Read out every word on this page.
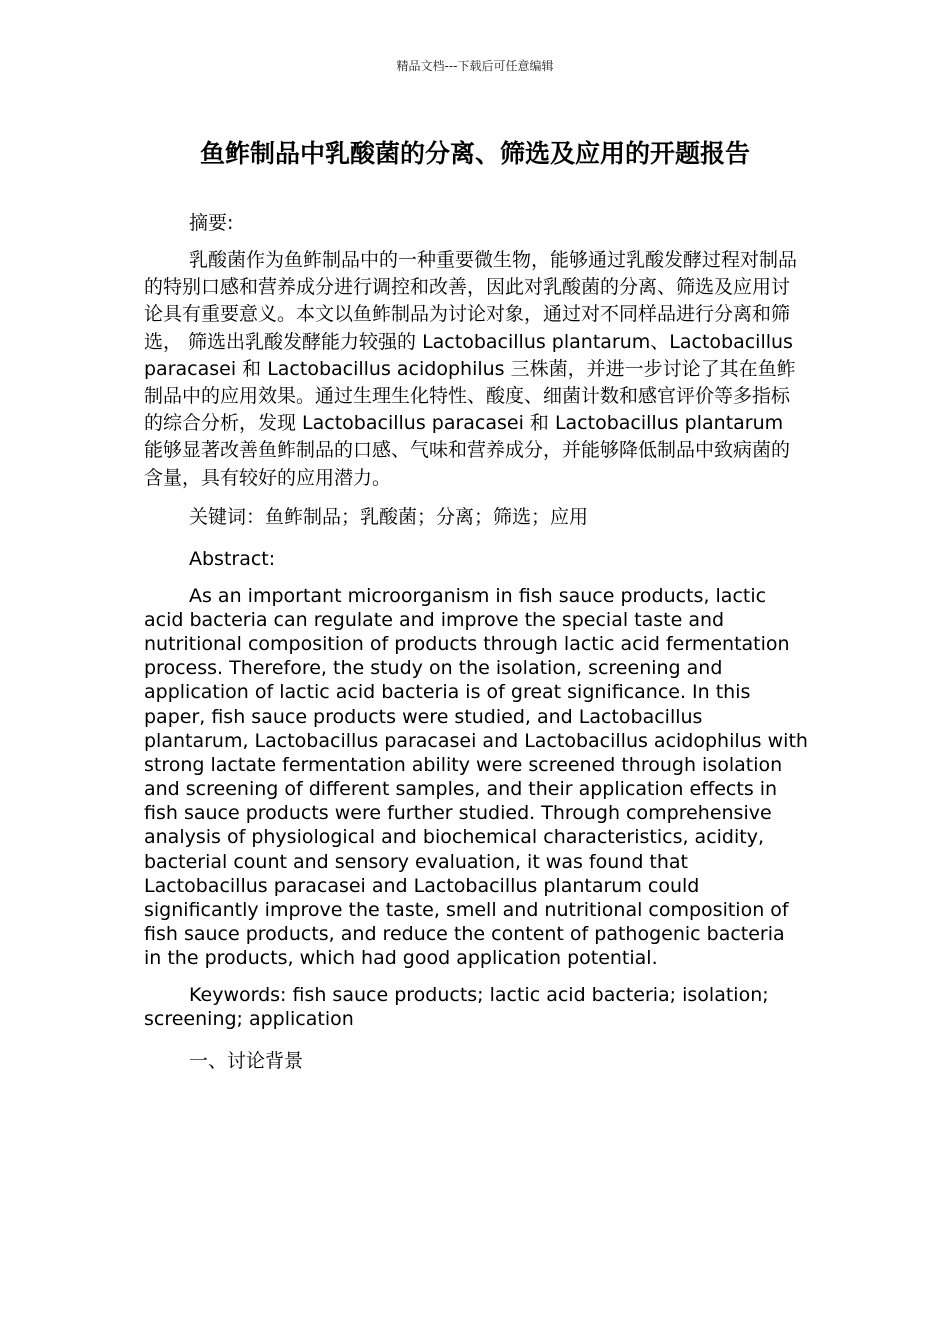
精品文档---下载后可任意编辑
鱼鲊制品中乳酸菌的分离、筛选及应用的开题报告

摘要:

乳酸菌作为鱼鲊制品中的一种重要微生物，能够通过乳酸发酵过程对制品的特别口感和营养成分进行调控和改善，因此对乳酸菌的分离、筛选及应用讨论具有重要意义。本文以鱼鲊制品为讨论对象，通过对不同样品进行分离和筛选， 筛选出乳酸发酵能力较强的 Lactobacillus plantarum、Lactobacillus paracasei 和 Lactobacillus acidophilus 三株菌，并进一步讨论了其在鱼鲊制品中的应用效果。通过生理生化特性、酸度、细菌计数和感官评价等多指标的综合分析，发现 Lactobacillus paracasei 和 Lactobacillus plantarum 能够显著改善鱼鲊制品的口感、气味和营养成分，并能够降低制品中致病菌的含量，具有较好的应用潜力。

关键词：鱼鲊制品；乳酸菌；分离；筛选；应用

Abstract:

As an important microorganism in fish sauce products, lactic acid bacteria can regulate and improve the special taste and nutritional composition of products through lactic acid fermentation process. Therefore, the study on the isolation, screening and application of lactic acid bacteria is of great significance. In this paper, fish sauce products were studied, and Lactobacillus plantarum, Lactobacillus paracasei and Lactobacillus acidophilus with strong lactate fermentation ability were screened through isolation and screening of different samples, and their application effects in fish sauce products were further studied. Through comprehensive analysis of physiological and biochemical characteristics, acidity, bacterial count and sensory evaluation, it was found that Lactobacillus paracasei and Lactobacillus plantarum could significantly improve the taste, smell and nutritional composition of fish sauce products, and reduce the content of pathogenic bacteria in the products, which had good application potential.

Keywords: fish sauce products; lactic acid bacteria; isolation; screening; application

一、讨论背景
